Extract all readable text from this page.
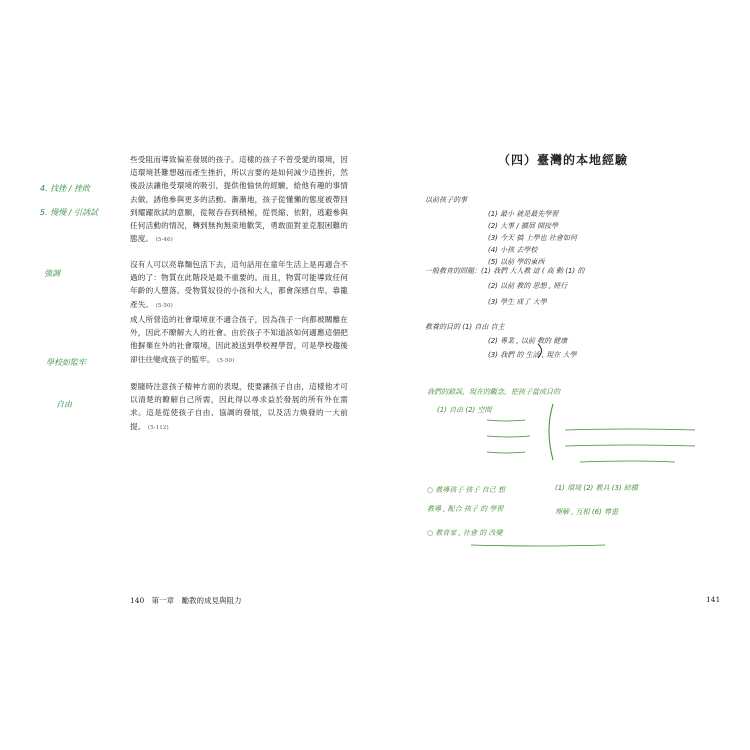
些受阻而導致偏差發展的孩子。這樣的孩子不曾受愛的環境，因這環境甚難想越而產生挫折，所以言要的是如何減少這挫折，然後設法讓他受環境的吸引，提供他愉快的經驗，給他有趣的事情去做，誘他參與更多的活動。漸漸地，孩子從懂懶的態度被帶回到耀躍欲試的意願，從報吞吞到積極，從畏縮、依附，逃避參與任何活動的情況，轉到無拘無束地歡笑，勇敢面對並克服困難的態度。 (5-46)
沒有人可以亮靠麵包活下去，這句話用在童年生活上是再適合不過的了：物質在此階段是最不重要的。而且，物質可能導致任何年齡的人墮落。受物質奴役的小孩和大人，都會深感自卑，靠籠產失。 (5-50)
成人所營造的社會環境並不適合孩子，因為孩子一向都被關離在外，因此不瞭解大人的社會。由於孩子不知道該如何適應這個把他摒棄在外的社會環境，因此被送到學校裡學習，可是學校趨後卻往往變成孩子的監牢。 (5-50)
要隨時注意孩子精神方面的表現，使要讓孩子自由，這樣他才可以清楚的瞭解自己所需，因此得以尋求益於發展的所有外在需求。這是從使孩子自由、協調的發展，以及活力煥發的一大前提。 (5-112)
4. 找挫 / 挫敗
5. 慢慢 / 引誘試
強調
學校如監牢
自由
140 第一章　勵教的成見與阻力
（四）臺灣的本地經驗
以前孩子的事
(1) 最小 就是最先學習
(2) 大事 / 擴展 開接學
(3) 今天 搞 上學也 社會如何
(4) 小孩 去學校
(5) 以前 學的東西
一般教育的問題：(1) 我們 大人教 這 ( 高 動 (1) 的
(2) 以前 教的 思想 , 將行
(3) 學生 成了 大學
教養的目的 (1) 自由 自主
(2) 專業 , 以前 教的 健康
(3) 我們 的 生活 , 現在 大學
我們的錯誤，現在的觀念，把孩子當成目的
(1) 自由 (2) 空間
○ 教導孩子 孩子 自己 想
教導 , 配合 孩子 的 學習
(1) 環境 (2) 教具 (3) 結構
理解 , 互相 (6) 尊重
○ 教育家 , 社會 的 改變
141
